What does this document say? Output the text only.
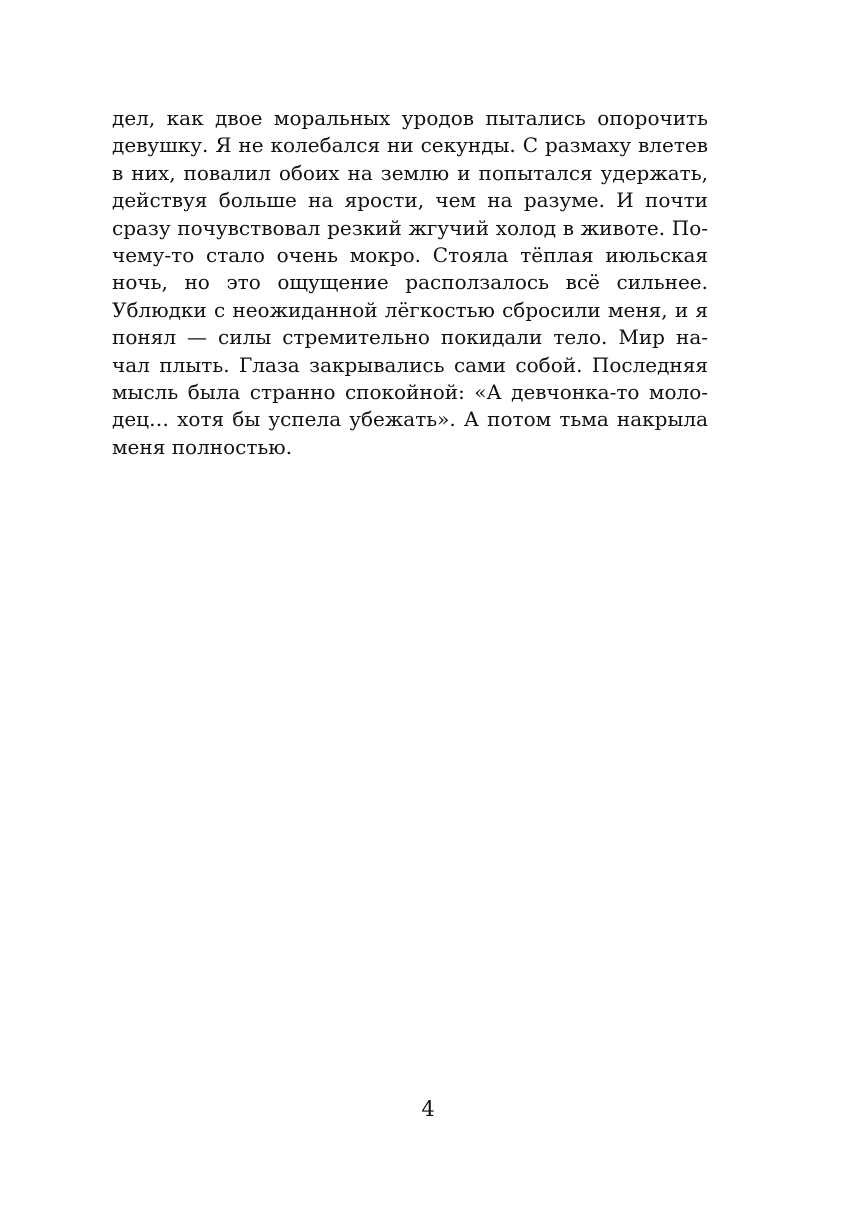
дел, как двое моральных уродов пытались опорочить
девушку. Я не колебался ни секунды. С размаху влетев
в них, повалил обоих на землю и попытался удержать,
действуя больше на ярости, чем на разуме. И почти
сразу почувствовал резкий жгучий холод в животе. По-
чему-то стало очень мокро. Стояла тёплая июльская
ночь, но это ощущение расползалось всё сильнее.
Ублюдки с неожиданной лёгкостью сбросили меня, и я
понял — силы стремительно покидали тело. Мир на-
чал плыть. Глаза закрывались сами собой. Последняя
мысль была странно спокойной: «А девчонка-то моло-
дец… хотя бы успела убежать». А потом тьма накрыла
меня полностью.
4
